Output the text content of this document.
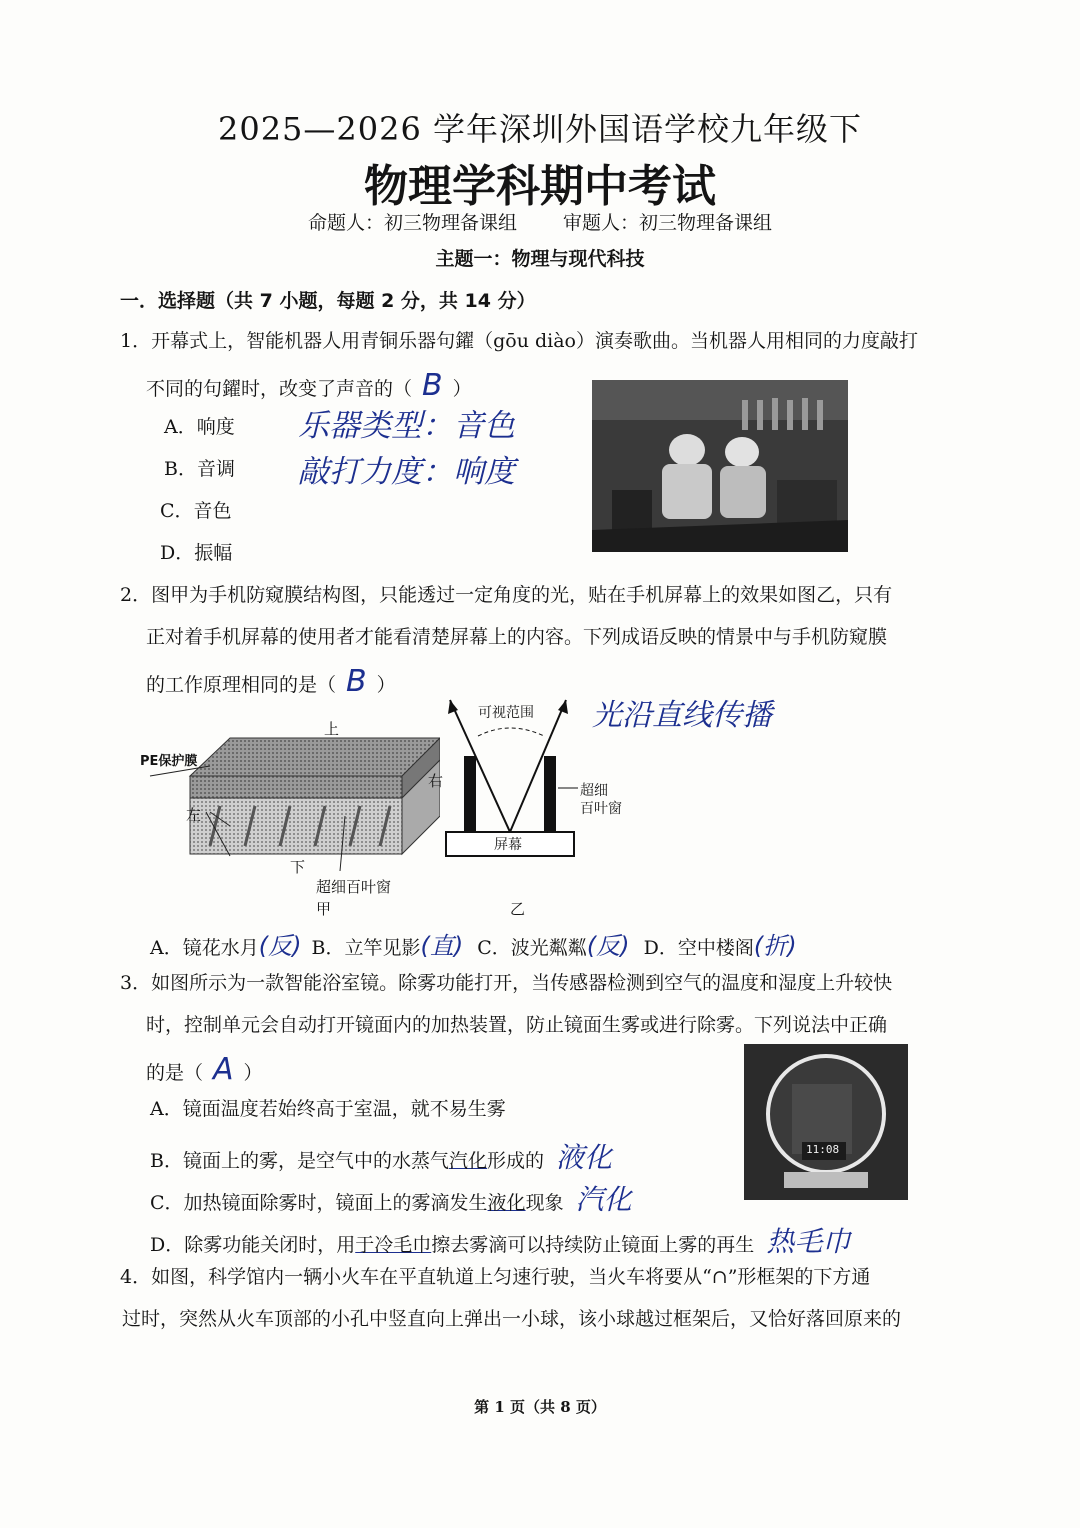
2025—2026 学年深圳外国语学校九年级下
物理学科期中考试
命题人：初三物理备课组 审题人：初三物理备课组
主题一：物理与现代科技
一．选择题（共 7 小题，每题 2 分，共 14 分）
1．开幕式上，智能机器人用青铜乐器句鑃（gōu diào）演奏歌曲。当机器人用相同的力度敲打
不同的句鑃时，改变了声音的（ B ）
A．响度
B．音调
C．音色
D．振幅
乐器类型：音色
敲打力度：响度
2．图甲为手机防窥膜结构图，只能透过一定角度的光，贴在手机屏幕上的效果如图乙，只有
正对着手机屏幕的使用者才能看清楚屏幕上的内容。下列成语反映的情景中与手机防窥膜
的工作原理相同的是（ B ）
光沿直线传播
上
右
左
下
PE保护膜
超细百叶窗
甲
可视范围
超细
百叶窗
屏幕
乙
A．镜花水月(反) B．立竿见影(直) C．波光粼粼(反) D．空中楼阁(折)
3．如图所示为一款智能浴室镜。除雾功能打开，当传感器检测到空气的温度和湿度上升较快
时，控制单元会自动打开镜面内的加热装置，防止镜面生雾或进行除雾。下列说法中正确
的是（ A ）
A．镜面温度若始终高于室温，就不易生雾
B．镜面上的雾，是空气中的水蒸气汽化形成的 液化
C．加热镜面除雾时，镜面上的雾滴发生液化现象 汽化
D．除雾功能关闭时，用于冷毛巾擦去雾滴可以持续防止镜面上雾的再生 热毛巾
11:08
4．如图，科学馆内一辆小火车在平直轨道上匀速行驶，当火车将要从“∩”形框架的下方通
过时，突然从火车顶部的小孔中竖直向上弹出一小球，该小球越过框架后，又恰好落回原来的
第 1 页（共 8 页）
